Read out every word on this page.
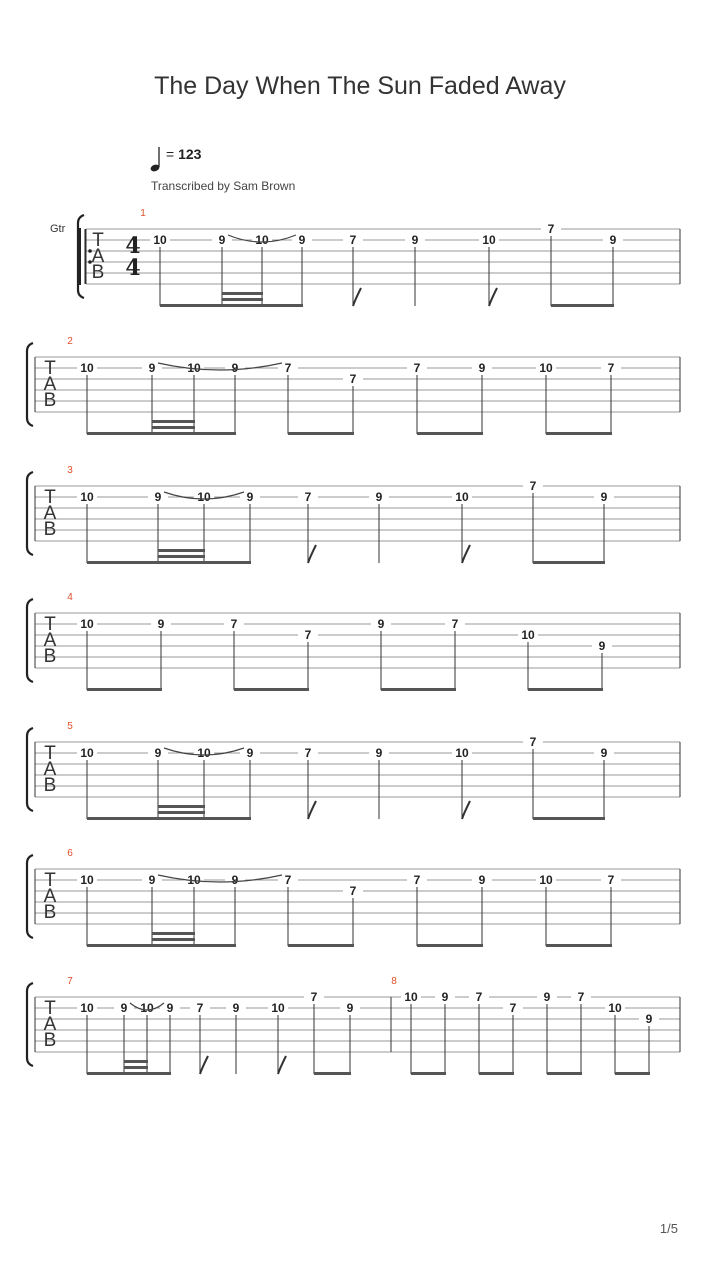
The Day When The Sun Faded Away
= 123
Transcribed by Sam Brown
T
A
B
Gtr
4
4
1
10	9 10 9	7	9	10
7
9
T
A
B
2
10	9	10	9	7
7
7	9	10	7
T
A
B
3
10	9	10	9	7	9	10
7
9
T
A
B
4
10	9	7
7
9	7
10
9
T
A
B
5
10	9	10	9	7	9	10
7
9
T
A
B
6
10	9	10	9	7
7
7	9	10	7
T
A
B
7
10 9 10 9 7 9	10
7
9
8
10 9 7
7
9 7
10
9
1/5
